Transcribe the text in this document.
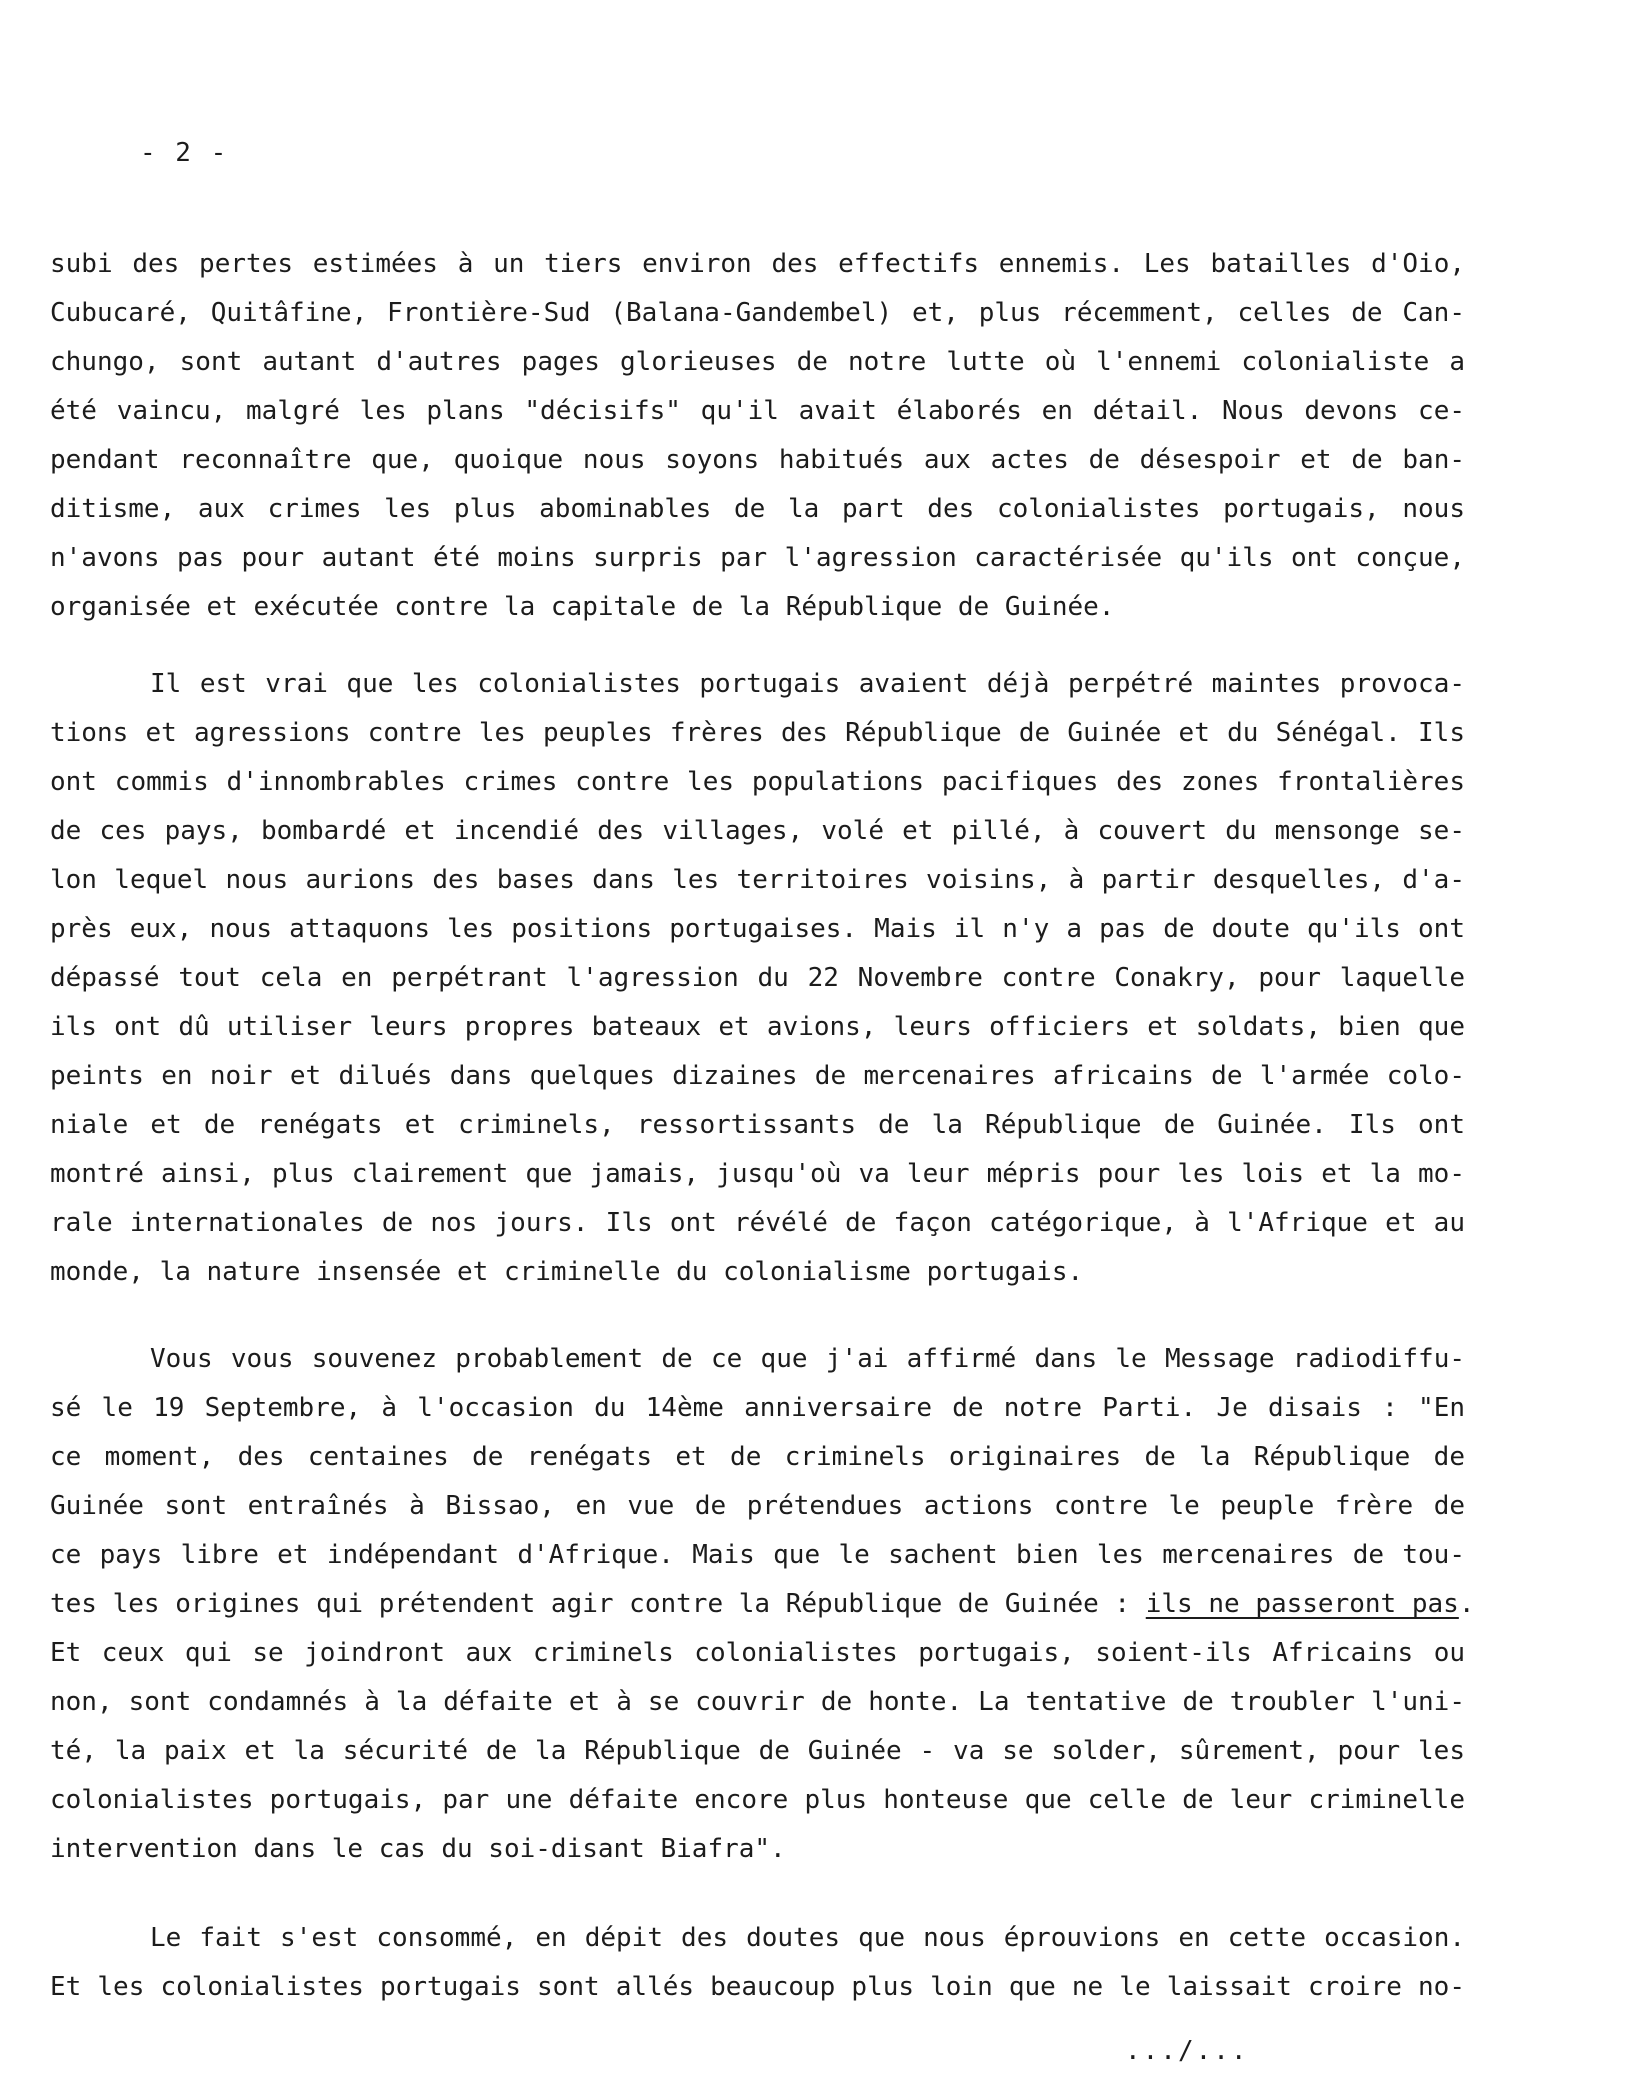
- 2 -
subi des pertes estimées à un tiers environ des effectifs ennemis. Les batailles d'Oio,
Cubucaré, Quitâfine, Frontière-Sud (Balana-Gandembel) et, plus récemment, celles de Can-
chungo, sont autant d'autres pages glorieuses de notre lutte où l'ennemi colonialiste a
été vaincu, malgré les plans "décisifs" qu'il avait élaborés en détail. Nous devons ce-
pendant reconnaître que, quoique nous soyons habitués aux actes de désespoir et de ban-
ditisme, aux crimes les plus abominables de la part des colonialistes portugais, nous
n'avons pas pour autant été moins surpris par l'agression caractérisée qu'ils ont conçue,
organisée et exécutée contre la capitale de la République de Guinée.
Il est vrai que les colonialistes portugais avaient déjà perpétré maintes provoca-
tions et agressions contre les peuples frères des République de Guinée et du Sénégal. Ils
ont commis d'innombrables crimes contre les populations pacifiques des zones frontalières
de ces pays, bombardé et incendié des villages, volé et pillé, à couvert du mensonge se-
lon lequel nous aurions des bases dans les territoires voisins, à partir desquelles, d'a-
près eux, nous attaquons les positions portugaises. Mais il n'y a pas de doute qu'ils ont
dépassé tout cela en perpétrant l'agression du 22 Novembre contre Conakry, pour laquelle
ils ont dû utiliser leurs propres bateaux et avions, leurs officiers et soldats, bien que
peints en noir et dilués dans quelques dizaines de mercenaires africains de l'armée colo-
niale et de renégats et criminels, ressortissants de la République de Guinée. Ils ont
montré ainsi, plus clairement que jamais, jusqu'où va leur mépris pour les lois et la mo-
rale internationales de nos jours. Ils ont révélé de façon catégorique, à l'Afrique et au
monde, la nature insensée et criminelle du colonialisme portugais.
Vous vous souvenez probablement de ce que j'ai affirmé dans le Message radiodiffu-
sé le 19 Septembre, à l'occasion du 14ème anniversaire de notre Parti. Je disais : "En
ce moment, des centaines de renégats et de criminels originaires de la République de
Guinée sont entraînés à Bissao, en vue de prétendues actions contre le peuple frère de
ce pays libre et indépendant d'Afrique. Mais que le sachent bien les mercenaires de tou-
tes les origines qui prétendent agir contre la République de Guinée : ils ne passeront pas.
Et ceux qui se joindront aux criminels colonialistes portugais, soient-ils Africains ou
non, sont condamnés à la défaite et à se couvrir de honte. La tentative de troubler l'uni-
té, la paix et la sécurité de la République de Guinée - va se solder, sûrement, pour les
colonialistes portugais, par une défaite encore plus honteuse que celle de leur criminelle
intervention dans le cas du soi-disant Biafra".
Le fait s'est consommé, en dépit des doutes que nous éprouvions en cette occasion.
Et les colonialistes portugais sont allés beaucoup plus loin que ne le laissait croire no-
.../...
